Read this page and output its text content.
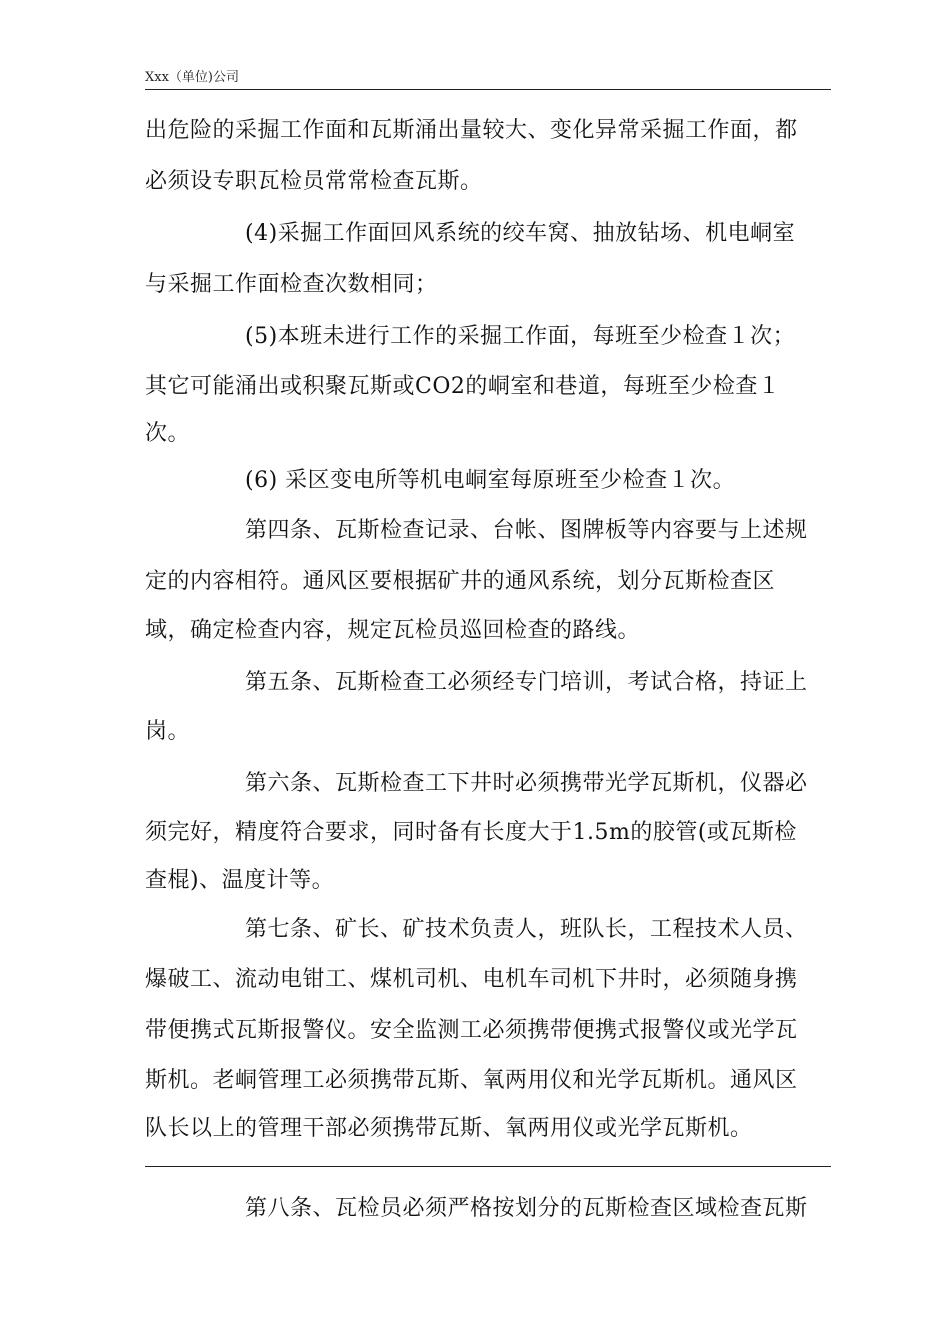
Xxx（单位)公司
出危险的采掘工作面和瓦斯涌出量较大、变化异常采掘工作面，都
必须设专职瓦检员常常检查瓦斯。
(4)采掘工作面回风系统的绞车窝、抽放钻场、机电峒室
与采掘工作面检查次数相同；
(5)本班未进行工作的采掘工作面，每班至少检查１次；
其它可能涌出或积聚瓦斯或CO2的峒室和巷道，每班至少检查１
次。
(6) 采区变电所等机电峒室每原班至少检查１次。
第四条、瓦斯检查记录、台帐、图牌板等内容要与上述规
定的内容相符。通风区要根据矿井的通风系统，划分瓦斯检查区
域，确定检查内容，规定瓦检员巡回检查的路线。
第五条、瓦斯检查工必须经专门培训，考试合格，持证上
岗。
第六条、瓦斯检查工下井时必须携带光学瓦斯机，仪器必
须完好，精度符合要求，同时备有长度大于1.5m的胶管(或瓦斯检
查棍)、温度计等。
第七条、矿长、矿技术负责人，班队长，工程技术人员、
爆破工、流动电钳工、煤机司机、电机车司机下井时，必须随身携
带便携式瓦斯报警仪。安全监测工必须携带便携式报警仪或光学瓦
斯机。老峒管理工必须携带瓦斯、氧两用仪和光学瓦斯机。通风区
队长以上的管理干部必须携带瓦斯、氧两用仪或光学瓦斯机。
第八条、瓦检员必须严格按划分的瓦斯检查区域检查瓦斯
